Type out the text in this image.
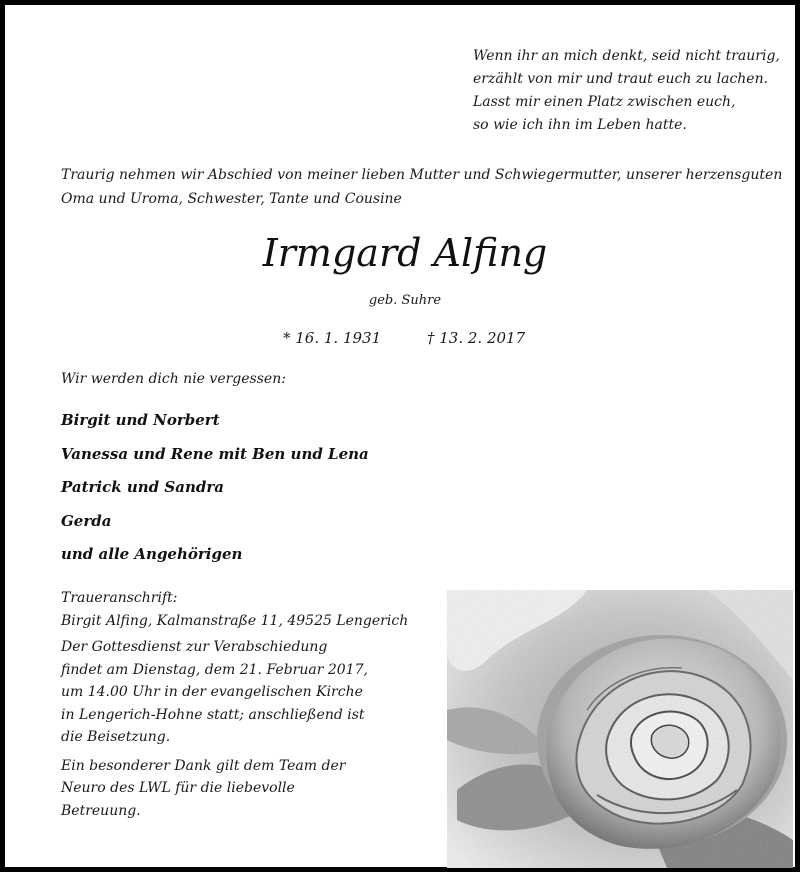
Wenn ihr an mich denkt, seid nicht traurig,
erzählt von mir und traut euch zu lachen.
Lasst mir einen Platz zwischen euch,
so wie ich ihn im Leben hatte.
Traurig nehmen wir Abschied von meiner lieben Mutter und Schwiegermutter, unserer herzensguten
Oma und Uroma, Schwester, Tante und Cousine
Irmgard Alfing
geb. Suhre
* 16. 1. 1931	† 13. 2. 2017
Wir werden dich nie vergessen:
Birgit und Norbert
Vanessa und Rene mit Ben und Lena
Patrick und Sandra
Gerda
und alle Angehörigen
Traueranschrift:
Birgit Alfing, Kalmanstraße 11, 49525 Lengerich
Der Gottesdienst zur Verabschiedung
findet am Dienstag, dem 21. Februar 2017,
um 14.00 Uhr in der evangelischen Kirche
in Lengerich-Hohne statt; anschließend ist
die Beisetzung.
Ein besonderer Dank gilt dem Team der
Neuro des LWL für die liebevolle
Betreuung.
